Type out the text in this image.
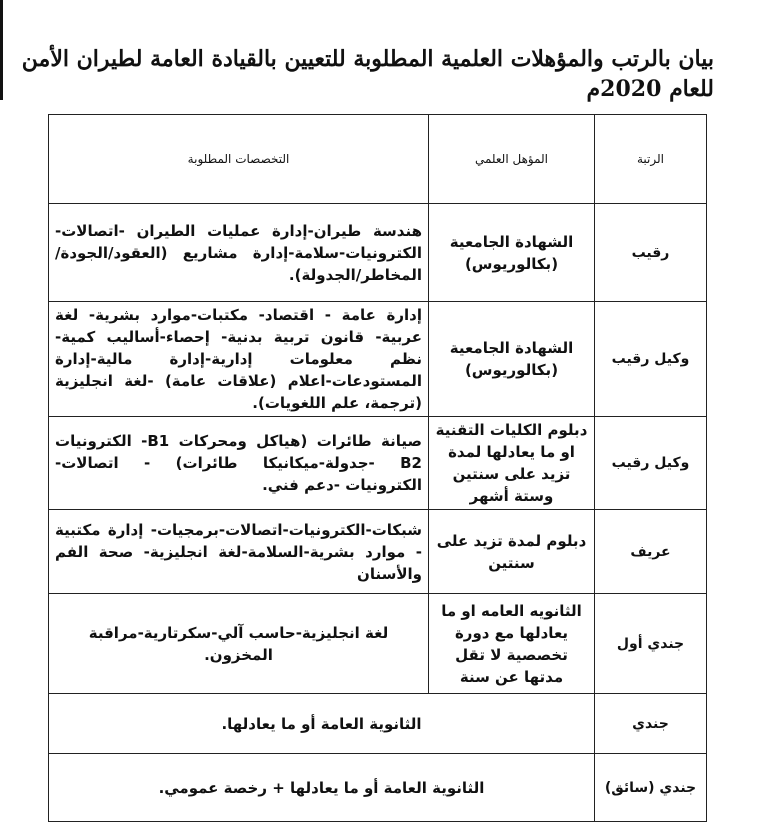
بيان بالرتب والمؤهلات العلمية المطلوبة للتعيين بالقيادة العامة لطيران الأمن
للعام 2020م
الرتبة	المؤهل العلمي	التخصصات المطلوبة
رقيب	الشهادة الجامعية (بكالوريوس)	هندسة طيران-إدارة عمليات الطيران -اتصالات-الكترونيات-سلامة-إدارة مشاريع (العقود/الجودة/المخاطر/الجدولة).
وكيل رقيب	الشهادة الجامعية (بكالوريوس)	إدارة عامة - اقتصاد- مكتبات-موارد بشرية- لغة عربية- قانون تربية بدنية- إحصاء-أساليب كمية- نظم معلومات إدارية-إدارة مالية-إدارة المستودعات-اعلام (علاقات عامة) -لغة انجليزية (ترجمة، علم اللغويات).
وكيل رقيب	دبلوم الكليات التقنية او ما يعادلها لمدة تزيد على سنتين وستة أشهر	صيانة طائرات (هياكل ومحركات B1- الكترونيات B2 -جدولة-ميكانيكا طائرات) - اتصالات- الكترونيات -دعم فني.
عريف	دبلوم لمدة تزيد على سنتين	شبكات-الكترونيات-اتصالات-برمجيات- إدارة مكتبية - موارد بشرية-السلامة-لغة انجليزية- صحة الفم والأسنان
جندي أول	الثانويه العامه او ما يعادلها مع دورة تخصصية لا تقل مدتها عن سنة	لغة انجليزية-حاسب آلي-سكرتارية-مراقبة المخزون.
جندي	الثانوية العامة أو ما يعادلها.	
جندي (سائق)	الثانوية العامة أو ما يعادلها + رخصة عمومي.	
